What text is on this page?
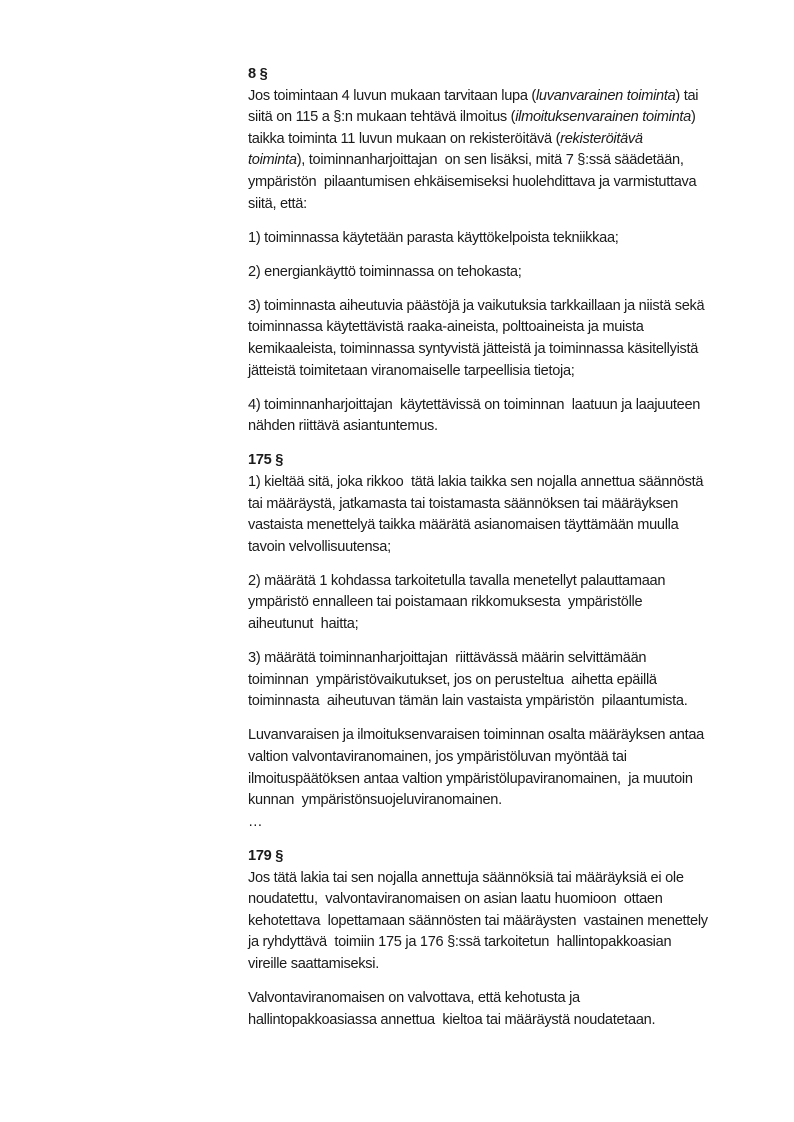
8 §
Jos toimintaan 4 luvun mukaan tarvitaan lupa (luvanvarainen toiminta) tai
siitä on 115 a §:n mukaan tehtävä ilmoitus (ilmoituksenvarainen toiminta)
taikka toiminta 11 luvun mukaan on rekisteröitävä (rekisteröitävä
toiminta), toiminnanharjoittajan  on sen lisäksi, mitä 7 §:ssä säädetään,
ympäristön  pilaantumisen ehkäisemiseksi huolehdittava ja varmistuttava
siitä, että:
1) toiminnassa käytetään parasta käyttökelpoista tekniikkaa;
2) energiankäyttö toiminnassa on tehokasta;
3) toiminnasta aiheutuvia päästöjä ja vaikutuksia tarkkaillaan ja niistä sekä
toiminnassa käytettävistä raaka-aineista, polttoaineista ja muista
kemikaaleista, toiminnassa syntyvistä jätteistä ja toiminnassa käsitellyistä
jätteistä toimitetaan viranomaiselle tarpeellisia tietoja;
4) toiminnanharjoittajan  käytettävissä on toiminnan  laatuun ja laajuuteen
nähden riittävä asiantuntemus.
175 §
1) kieltää sitä, joka rikkoo  tätä lakia taikka sen nojalla annettua säännöstä
tai määräystä, jatkamasta tai toistamasta säännöksen tai määräyksen
vastaista menettelyä taikka määrätä asianomaisen täyttämään muulla
tavoin velvollisuutensa;
2) määrätä 1 kohdassa tarkoitetulla tavalla menetellyt palauttamaan
ympäristö ennalleen tai poistamaan rikkomuksesta  ympäristölle
aiheutunut  haitta;
3) määrätä toiminnanharjoittajan  riittävässä määrin selvittämään
toiminnan  ympäristövaikutukset, jos on perusteltua  aihetta epäillä
toiminnasta  aiheutuvan tämän lain vastaista ympäristön  pilaantumista.
Luvanvaraisen ja ilmoituksenvaraisen toiminnan osalta määräyksen antaa
valtion valvontaviranomainen, jos ympäristöluvan myöntää tai
ilmoituspäätöksen antaa valtion ympäristölupaviranomainen,  ja muutoin
kunnan  ympäristönsuojeluviranomainen.
…
179 §
Jos tätä lakia tai sen nojalla annettuja säännöksiä tai määräyksiä ei ole
noudatettu,  valvontaviranomaisen on asian laatu huomioon  ottaen
kehotettava  lopettamaan säännösten tai määräysten  vastainen menettely
ja ryhdyttävä  toimiin 175 ja 176 §:ssä tarkoitetun  hallintopakkoasian
vireille saattamiseksi.
Valvontaviranomaisen on valvottava, että kehotusta ja
hallintopakkoasiassa annettua  kieltoa tai määräystä noudatetaan.
